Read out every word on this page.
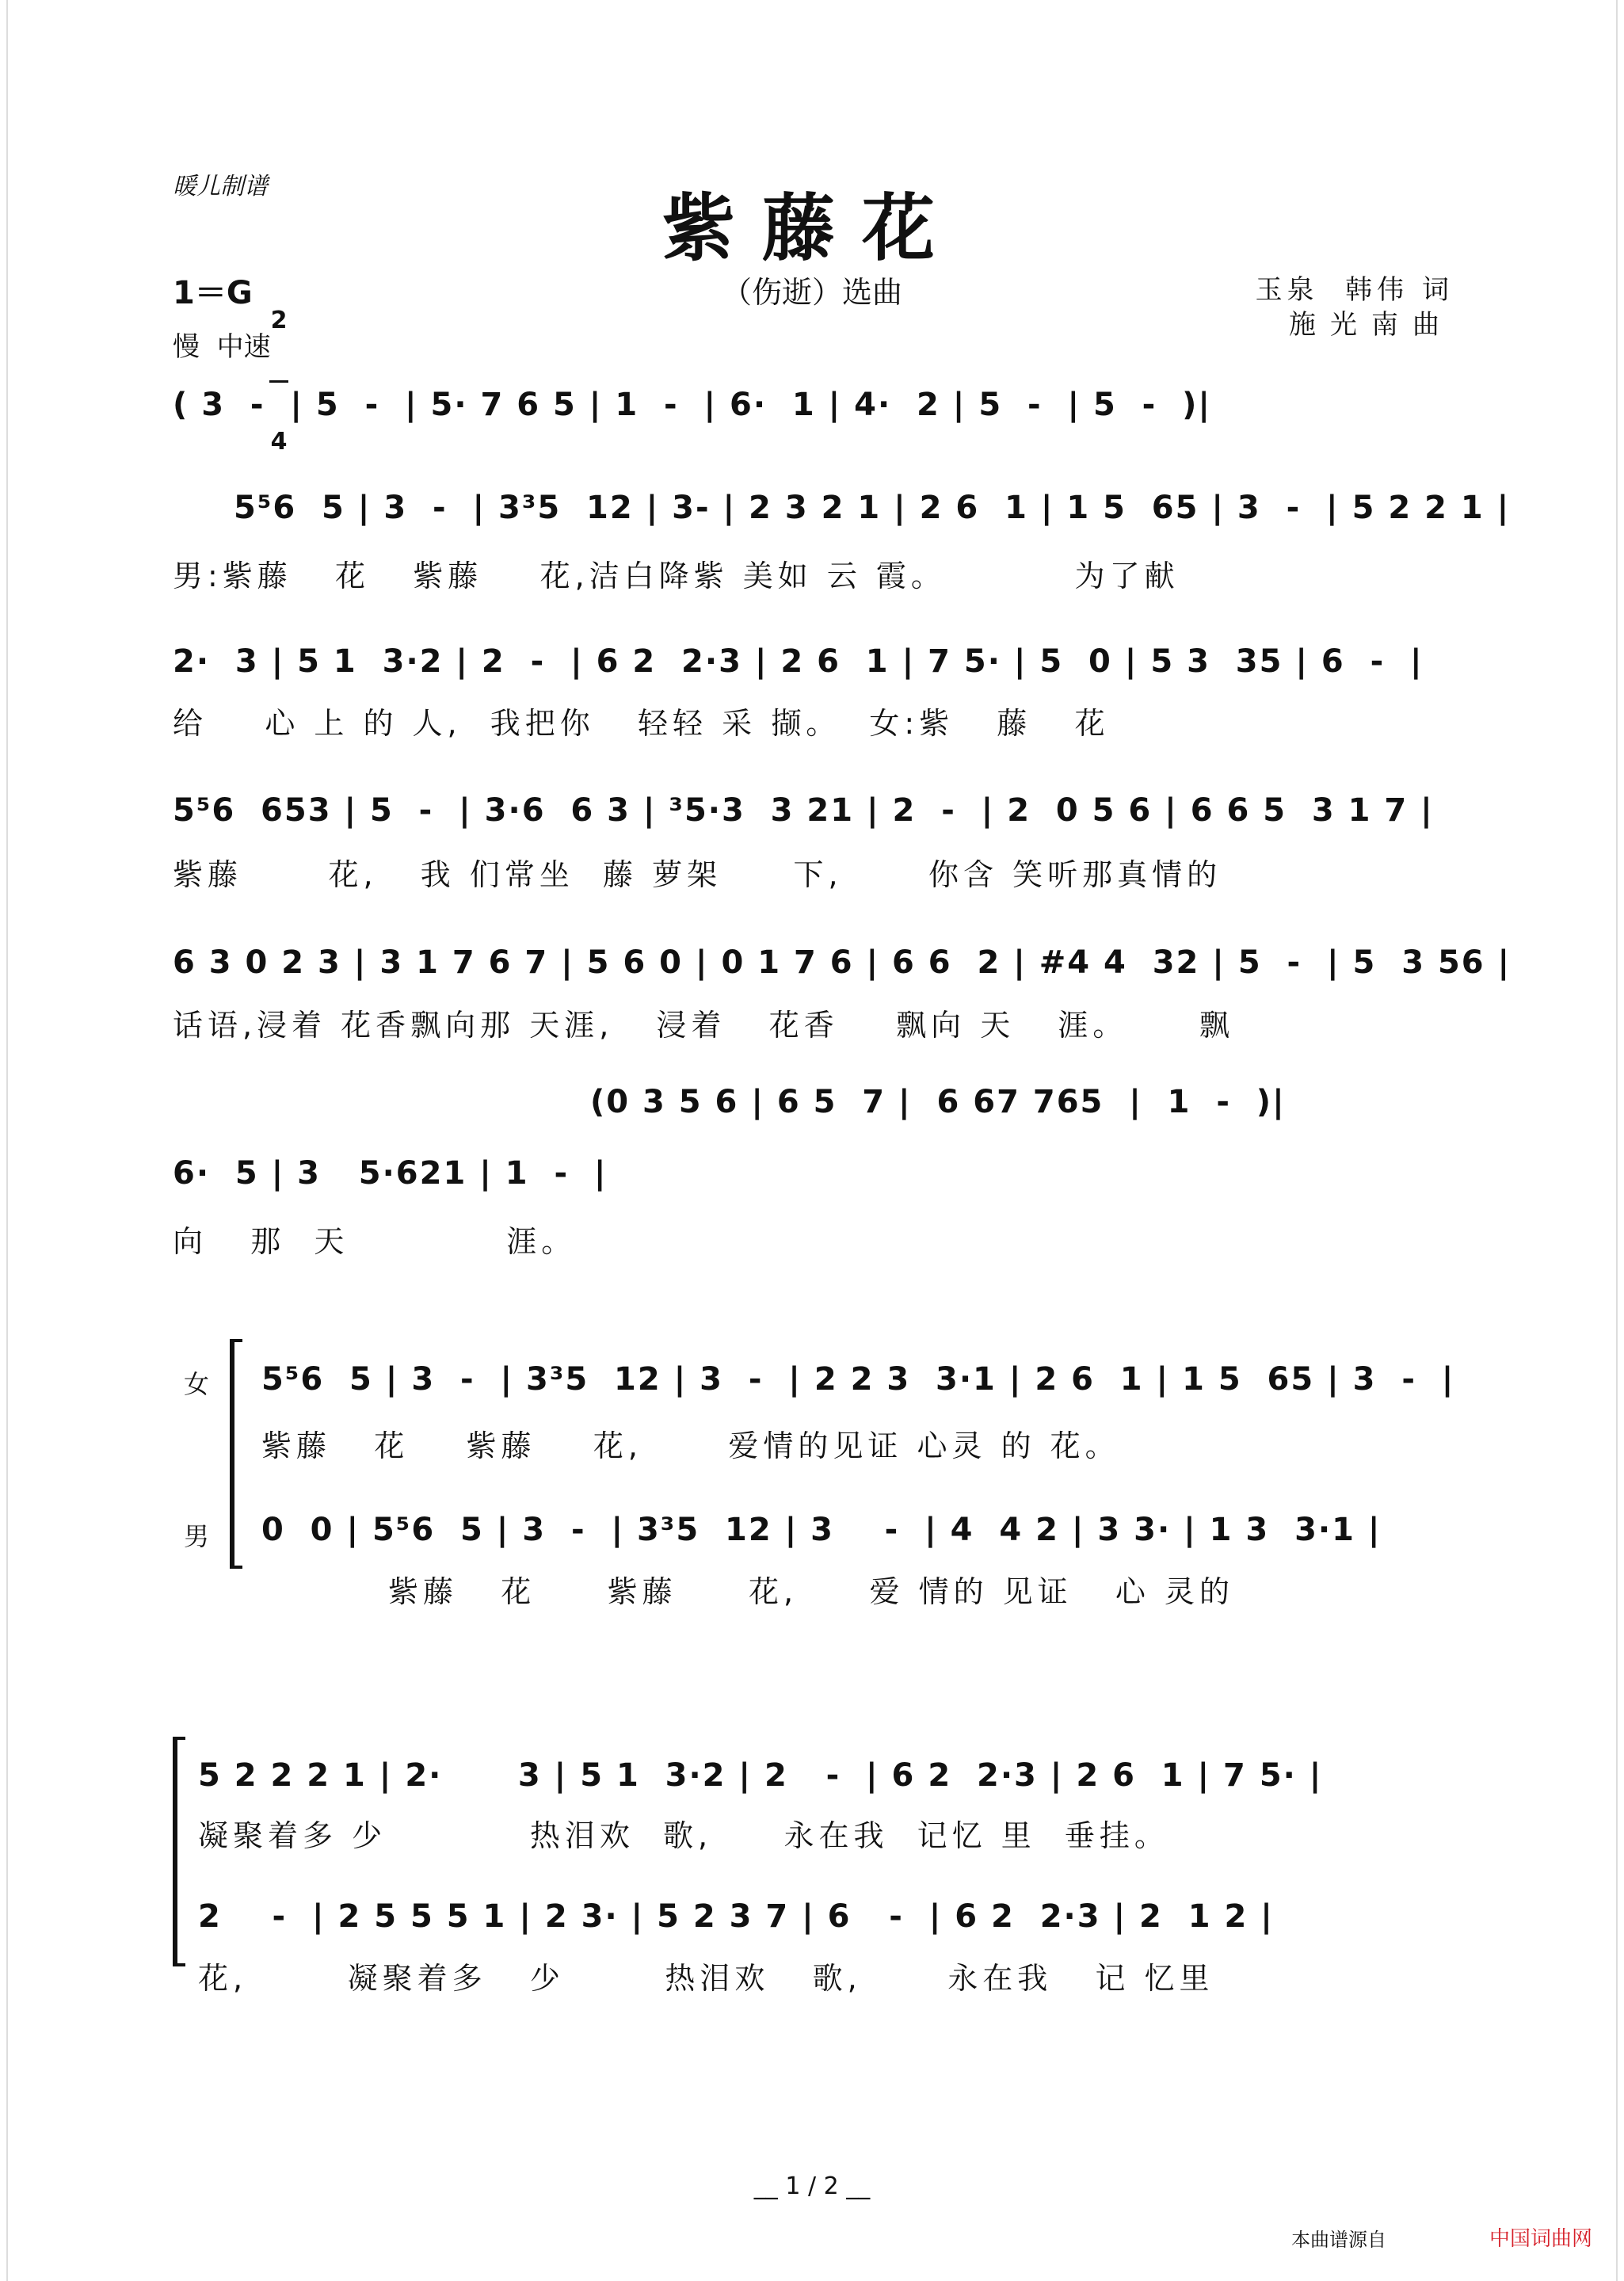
暖儿制谱	紫藤花
（伤逝）选曲
1＝G

2

4

慢  中速
玉泉  韩伟 词
施光南曲
( 3  -  | 5  -  | 5· 7 6 5 | 1  -  | 6·  1 | 4·  2 | 5  -  | 5  -  )|
5⁵6  5 | 3  -  | 3³5  12 | 3- | 2 3 2 1 | 2 6  1 | 1 5  65 | 3  -  | 5 2 2 1 |
男:紫藤   花   紫藤    花,洁白降紫 美如 云 霞。         为了献
2·  3 | 5 1  3·2 | 2  -  | 6 2  2·3 | 2 6  1 | 7 5· | 5  0 | 5 3  35 | 6  -  |
给    心 上 的 人,  我把你   轻轻 采 撷。  女:紫   藤   花
5⁵6  653 | 5  -  | 3·6  6 3 | ³5·3  3 21 | 2  -  | 2  0 5 6 | 6 6 5  3 1 7 |
紫藤      花,   我 们常坐  藤 萝架     下,      你含 笑听那真情的
6 3 0 2 3 | 3 1 7 6 7 | 5 6 0 | 0 1 7 6 | 6 6  2 | #4 4  32 | 5  -  | 5  3 56 |
话语,浸着 花香飘向那 天涯,   浸着   花香    飘向 天   涯。     飘
(0 3 5 6 | 6 5  7 |  6 67 765  |  1  -  )|
6·  5 | 3   5·621 | 1  -  |
向   那  天           涯。
女
男
5⁵6  5 | 3  -  | 3³5  12 | 3  -  | 2 2 3  3·1 | 2 6  1 | 1 5  65 | 3  -  |
紫藤   花    紫藤    花,      爱情的见证 心灵 的 花。
0  0 | 5⁵6  5 | 3  -  | 3³5  12 | 3    -  | 4  4 2 | 3 3· | 1 3  3·1 |
紫藤   花     紫藤     花,     爱 情的 见证   心 灵的
5 2 2 2 1 | 2·      3 | 5 1  3·2 | 2   -  | 6 2  2·3 | 2 6  1 | 7 5· |
凝聚着多 少          热泪欢  歌,     永在我  记忆 里  垂挂。
2    -  | 2 5 5 5 1 | 2 3· | 5 2 3 7 | 6   -  | 6 2  2·3 | 2  1 2 |
花,       凝聚着多   少       热泪欢   歌,      永在我   记 忆里
__ 1 / 2 __
本曲谱源自	中国词曲网
